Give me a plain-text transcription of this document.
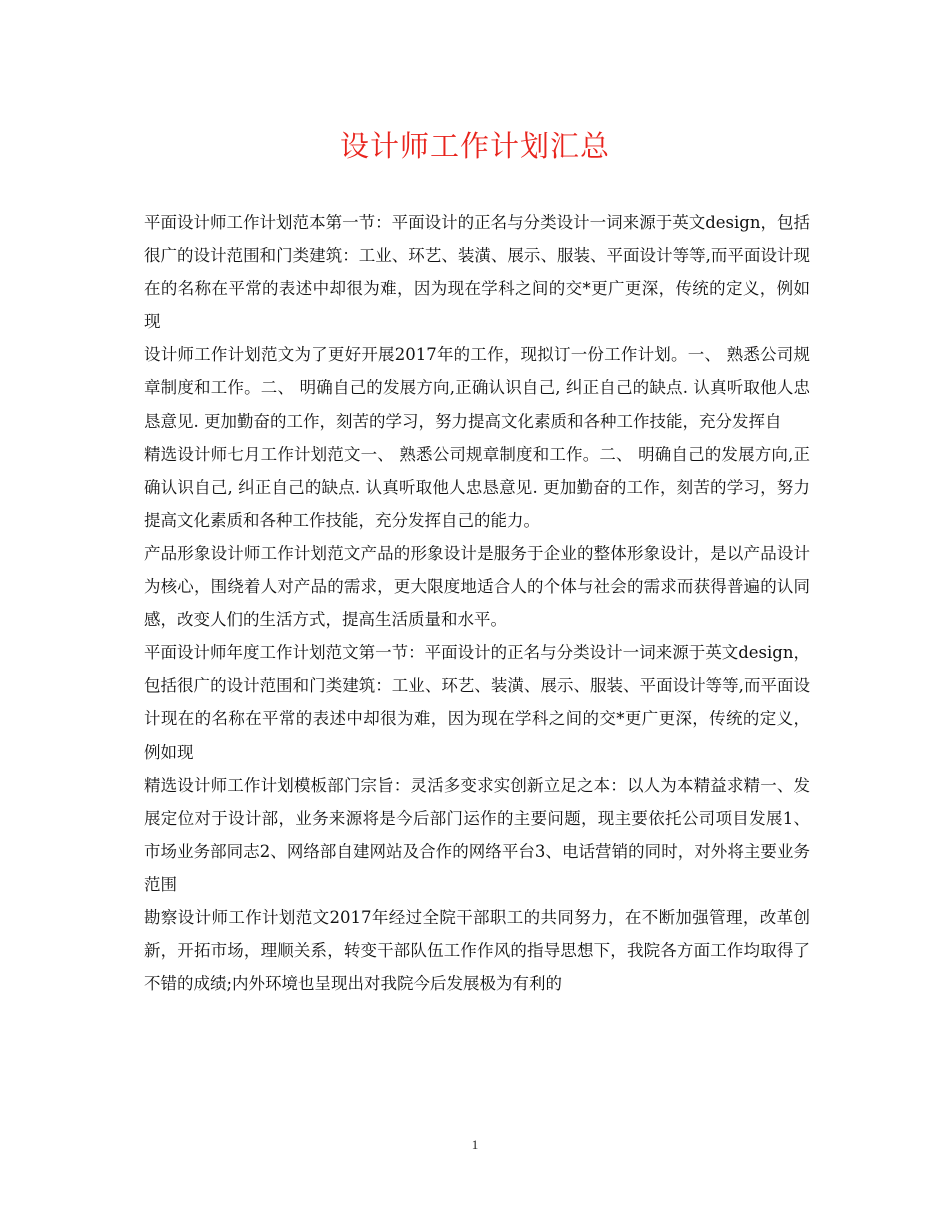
设计师工作计划汇总

平面设计师工作计划范本第一节：平面设计的正名与分类设计一词来源于英文design，包括很广的设计范围和门类建筑：工业、环艺、装潢、展示、服装、平面设计等等,而平面设计现在的名称在平常的表述中却很为难，因为现在学科之间的交*更广更深，传统的定义，例如现

设计师工作计划范文为了更好开展2017年的工作，现拟订一份工作计划。一、 熟悉公司规章制度和工作。二、 明确自己的发展方向,正确认识自己, 纠正自己的缺点. 认真听取他人忠恳意见. 更加勤奋的工作，刻苦的学习，努力提高文化素质和各种工作技能，充分发挥自

精选设计师七月工作计划范文一、 熟悉公司规章制度和工作。二、 明确自己的发展方向,正确认识自己, 纠正自己的缺点. 认真听取他人忠恳意见. 更加勤奋的工作，刻苦的学习，努力提高文化素质和各种工作技能，充分发挥自己的能力。

产品形象设计师工作计划范文产品的形象设计是服务于企业的整体形象设计，是以产品设计为核心，围绕着人对产品的需求，更大限度地适合人的个体与社会的需求而获得普遍的认同感，改变人们的生活方式，提高生活质量和水平。

平面设计师年度工作计划范文第一节：平面设计的正名与分类设计一词来源于英文design，包括很广的设计范围和门类建筑：工业、环艺、装潢、展示、服装、平面设计等等,而平面设计现在的名称在平常的表述中却很为难，因为现在学科之间的交*更广更深，传统的定义，例如现

精选设计师工作计划模板部门宗旨：灵活多变求实创新立足之本：以人为本精益求精一、发展定位对于设计部，业务来源将是今后部门运作的主要问题，现主要依托公司项目发展1、市场业务部同志2、网络部自建网站及合作的网络平台3、电话营销的同时，对外将主要业务范围

勘察设计师工作计划范文2017年经过全院干部职工的共同努力，在不断加强管理，改革创新，开拓市场，理顺关系，转变干部队伍工作作风的指导思想下，我院各方面工作均取得了不错的成绩;内外环境也呈现出对我院今后发展极为有利的

1
